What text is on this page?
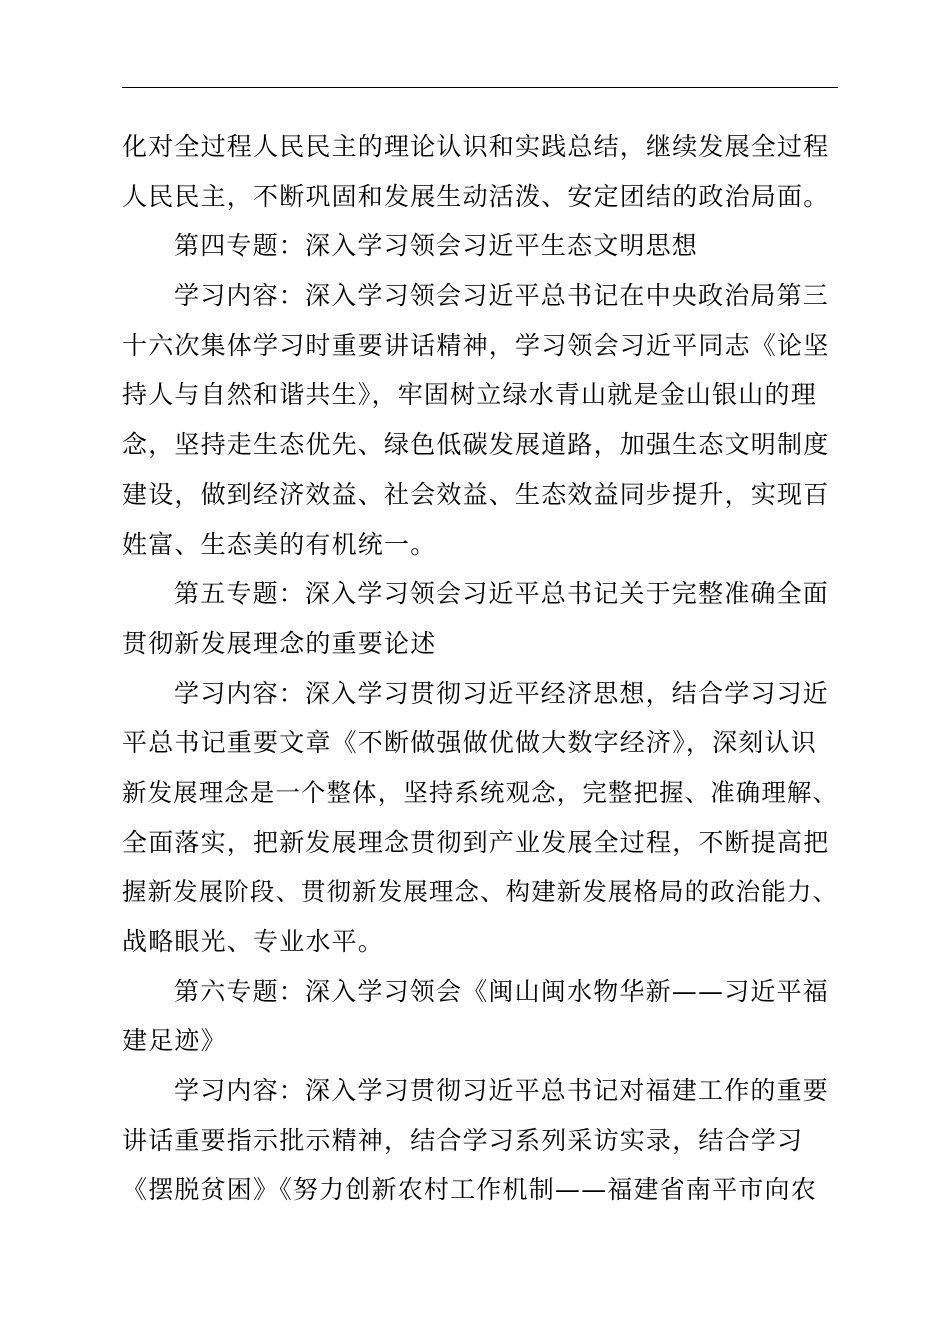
化对全过程人民民主的理论认识和实践总结，继续发展全过程
人民民主，不断巩固和发展生动活泼、安定团结的政治局面。
第四专题：深入学习领会习近平生态文明思想
学习内容：深入学习领会习近平总书记在中央政治局第三
十六次集体学习时重要讲话精神，学习领会习近平同志《论坚
持人与自然和谐共生》，牢固树立绿水青山就是金山银山的理
念，坚持走生态优先、绿色低碳发展道路，加强生态文明制度
建设，做到经济效益、社会效益、生态效益同步提升，实现百
姓富、生态美的有机统一。
第五专题：深入学习领会习近平总书记关于完整准确全面
贯彻新发展理念的重要论述
学习内容：深入学习贯彻习近平经济思想，结合学习习近
平总书记重要文章《不断做强做优做大数字经济》，深刻认识
新发展理念是一个整体，坚持系统观念，完整把握、准确理解、
全面落实，把新发展理念贯彻到产业发展全过程，不断提高把
握新发展阶段、贯彻新发展理念、构建新发展格局的政治能力、
战略眼光、专业水平。
第六专题：深入学习领会《闽山闽水物华新——习近平福
建足迹》
学习内容：深入学习贯彻习近平总书记对福建工作的重要
讲话重要指示批示精神，结合学习系列采访实录，结合学习
《摆脱贫困》《努力创新农村工作机制——福建省南平市向农
